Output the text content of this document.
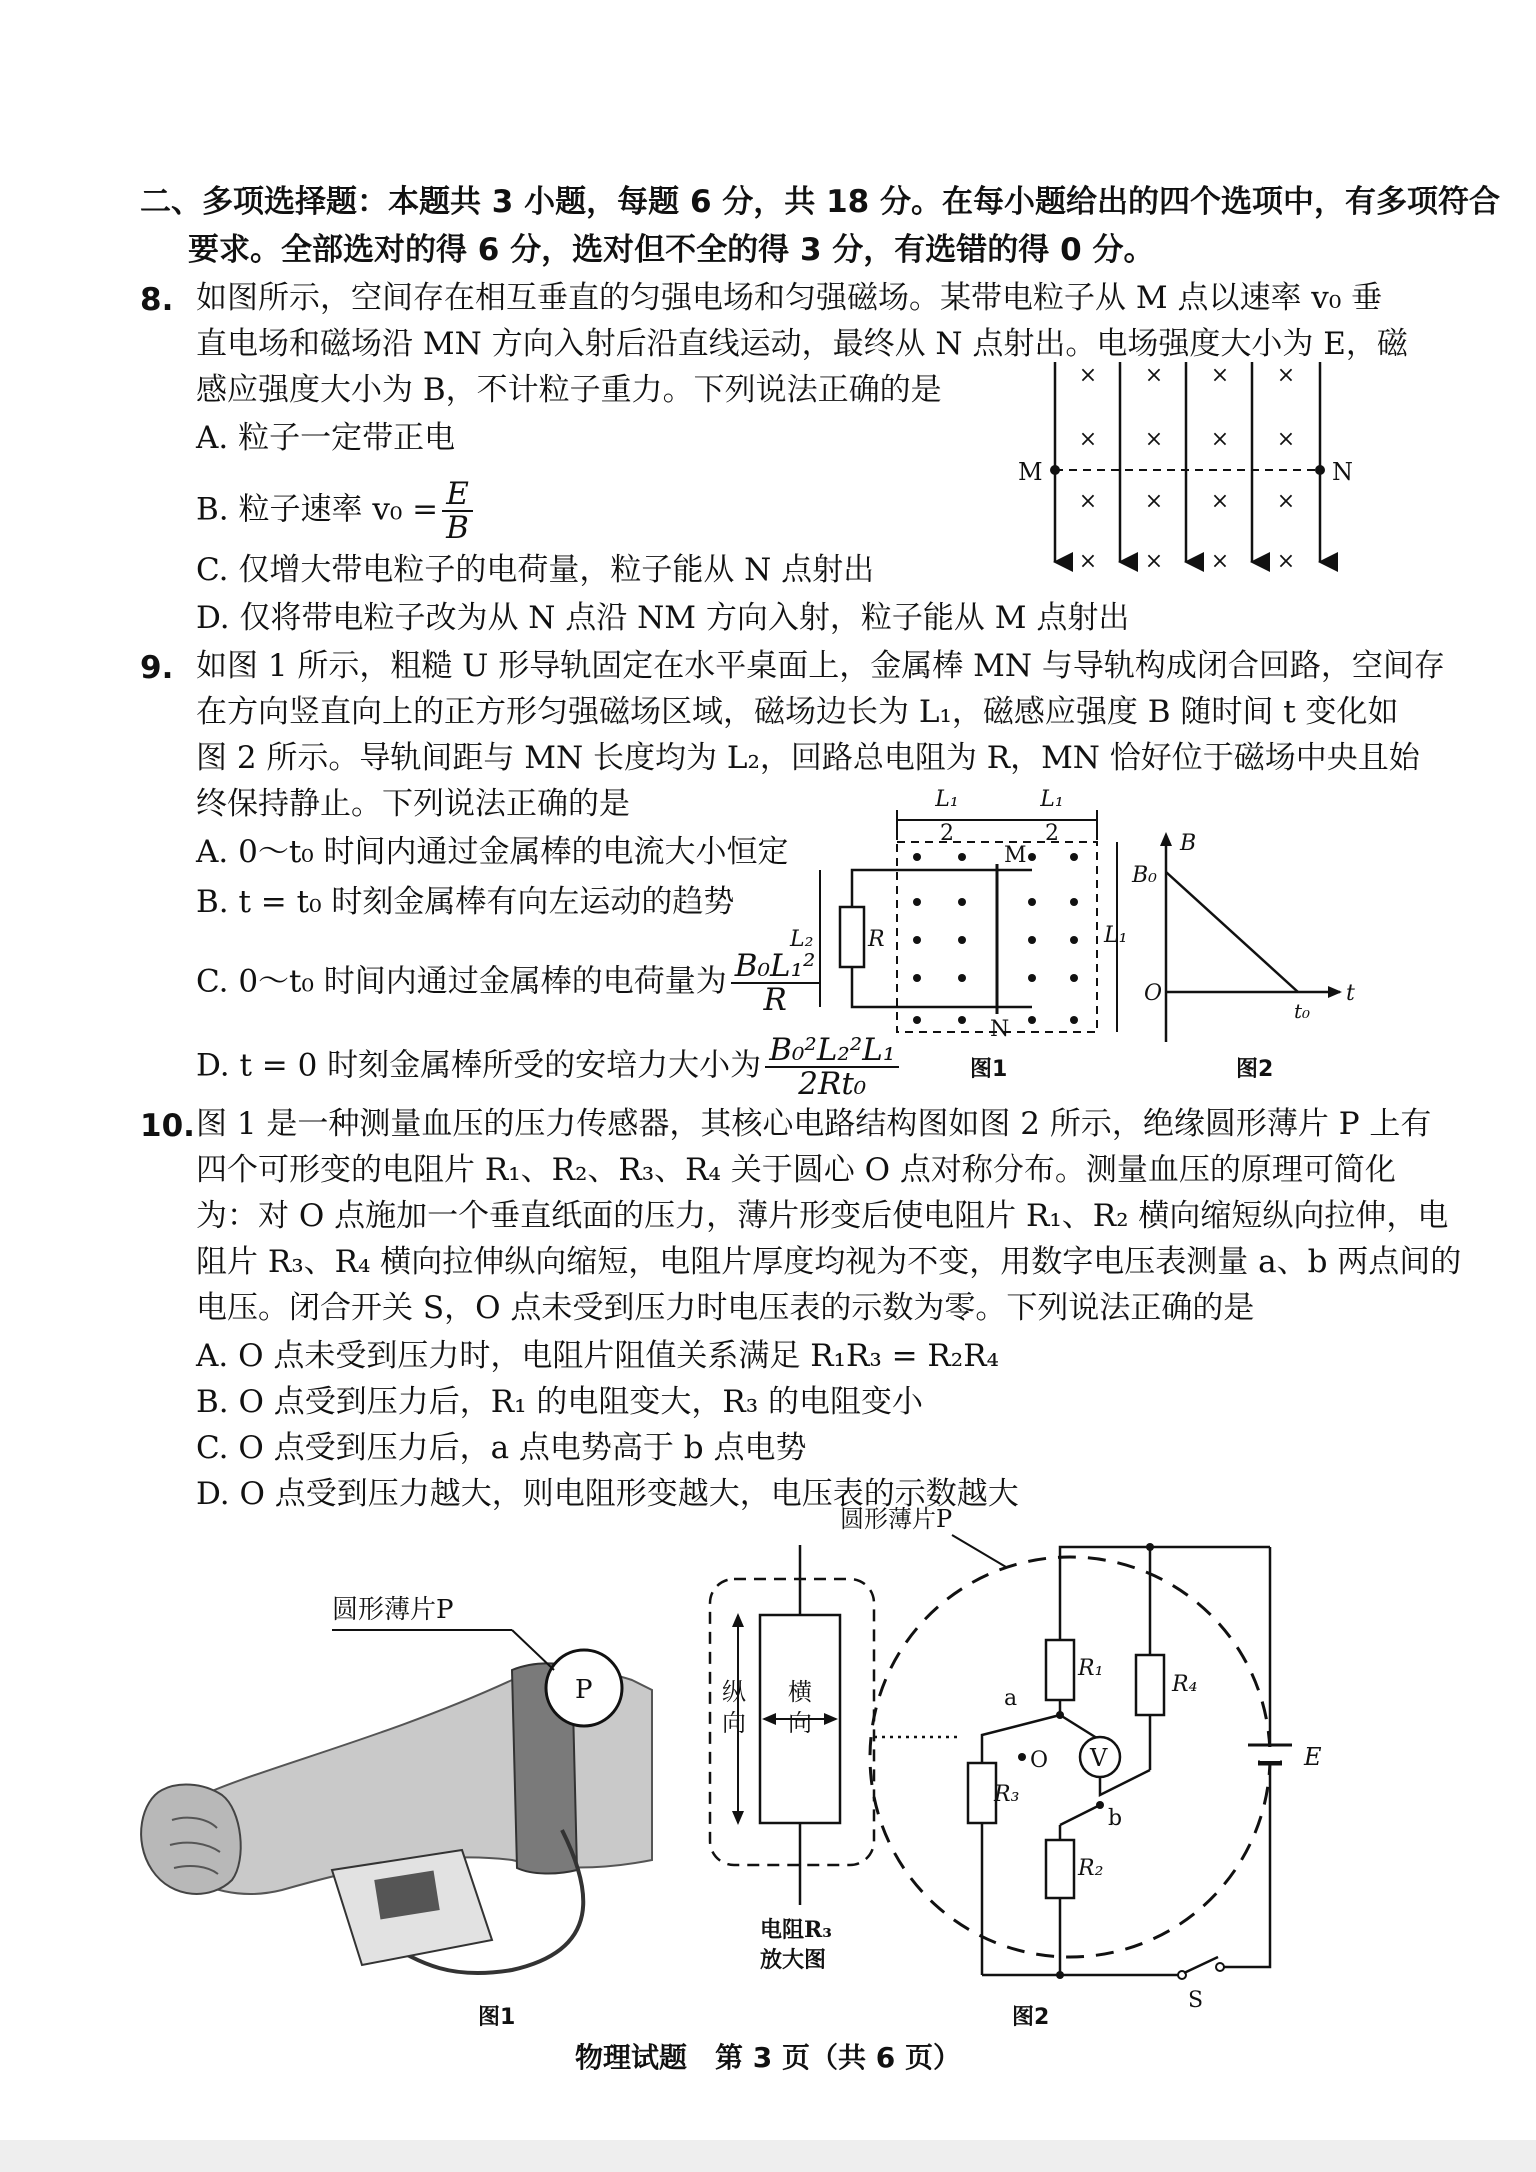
二、多项选择题：本题共 3 小题，每题 6 分，共 18 分。在每小题给出的四个选项中，有多项符合
要求。全部选对的得 6 分，选对但不全的得 3 分，有选错的得 0 分。
8. 如图所示，空间存在相互垂直的匀强电场和匀强磁场。某带电粒子从 M 点以速率 v₀ 垂
直电场和磁场沿 MN 方向入射后沿直线运动，最终从 N 点射出。电场强度大小为 E，磁
感应强度大小为 B，不计粒子重力。下列说法正确的是
A. 粒子一定带正电
B. 粒子速率 $v_0 = \frac{E}{B}$
C. 仅增大带电粒子的电荷量，粒子能从 N 点射出
D. 仅将带电粒子改为从 N 点沿 NM 方向入射，粒子能从 M 点射出
M	N
× × × ×
× × × ×
× × × ×
× × × ×
9. 如图 1 所示，粗糙 U 形导轨固定在水平桌面上，金属棒 MN 与导轨构成闭合回路，空间存
在方向竖直向上的正方形匀强磁场区域，磁场边长为 L₁，磁感应强度 B 随时间 t 变化如
图 2 所示。导轨间距与 MN 长度均为 L₂，回路总电阻为 R，MN 恰好位于磁场中央且始
终保持静止。下列说法正确的是
A. 0～t₀ 时间内通过金属棒的电流大小恒定
B. t = t₀ 时刻金属棒有向左运动的趋势
C. 0～t₀ 时间内通过金属棒的电荷量为 $\frac{\text{B₀L₁²}}{R}$
D. t = 0 时刻金属棒所受的安培力大小为 $\frac{\text{B₀²L₂²L₁}}{\text{2Rt₀}}$
L₁
2
L₁
2
R
L₂	L₁
M
N
图1
B
B₀
O
t₀
t
图2
10. 图 1 是一种测量血压的压力传感器，其核心电路结构图如图 2 所示，绝缘圆形薄片 P 上有
四个可形变的电阻片 R₁、R₂、R₃、R₄ 关于圆心 O 点对称分布。测量血压的原理可简化
为：对 O 点施加一个垂直纸面的压力，薄片形变后使电阻片 R₁、R₂ 横向缩短纵向拉伸，电
阻片 R₃、R₄ 横向拉伸纵向缩短，电阻片厚度均视为不变，用数字电压表测量 a、b 两点间的
电压。闭合开关 S，O 点未受到压力时电压表的示数为零。下列说法正确的是
A. O 点未受到压力时，电阻片阻值关系满足 R₁R₃ = R₂R₄
B. O 点受到压力后，R₁ 的电阻变大，R₃ 的电阻变小
C. O 点受到压力后，a 点电势高于 b 点电势
D. O 点受到压力越大，则电阻形变越大，电压表的示数越大
P
圆形薄片P
图1
纵
向
横
向
电阻R₃
放大图
圆形薄片P
V
R₁
R₃
R₄
R₂
a
b
O	E
S
图2
物理试题　第 3 页（共 6 页）
